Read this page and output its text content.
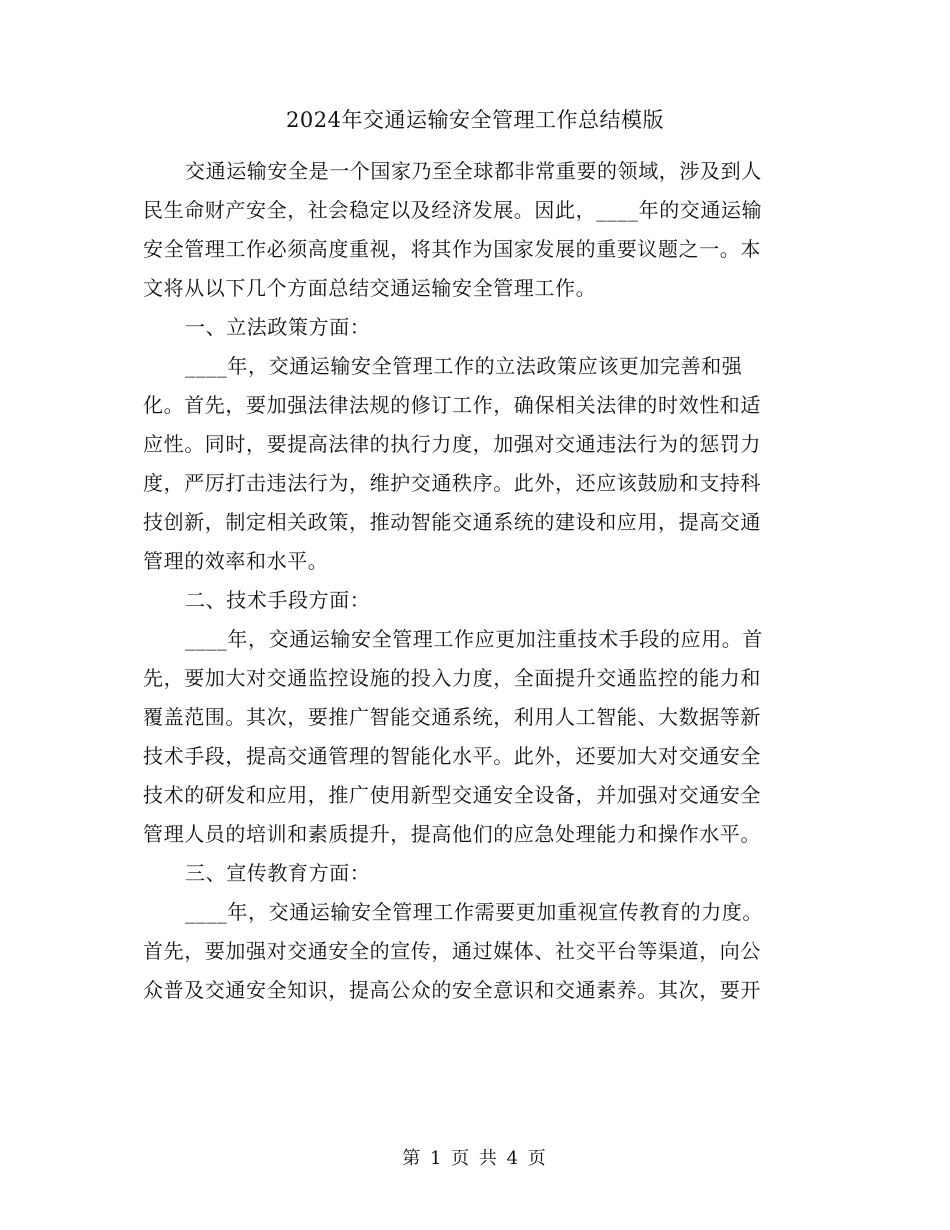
2024年交通运输安全管理工作总结模版
交通运输安全是一个国家乃至全球都非常重要的领域，涉及到人
民生命财产安全，社会稳定以及经济发展。因此，____年的交通运输
安全管理工作必须高度重视，将其作为国家发展的重要议题之一。本
文将从以下几个方面总结交通运输安全管理工作。
一、立法政策方面：
____年，交通运输安全管理工作的立法政策应该更加完善和强
化。首先，要加强法律法规的修订工作，确保相关法律的时效性和适
应性。同时，要提高法律的执行力度，加强对交通违法行为的惩罚力
度，严厉打击违法行为，维护交通秩序。此外，还应该鼓励和支持科
技创新，制定相关政策，推动智能交通系统的建设和应用，提高交通
管理的效率和水平。
二、技术手段方面：
____年，交通运输安全管理工作应更加注重技术手段的应用。首
先，要加大对交通监控设施的投入力度，全面提升交通监控的能力和
覆盖范围。其次，要推广智能交通系统，利用人工智能、大数据等新
技术手段，提高交通管理的智能化水平。此外，还要加大对交通安全
技术的研发和应用，推广使用新型交通安全设备，并加强对交通安全
管理人员的培训和素质提升，提高他们的应急处理能力和操作水平。
三、宣传教育方面：
____年，交通运输安全管理工作需要更加重视宣传教育的力度。
首先，要加强对交通安全的宣传，通过媒体、社交平台等渠道，向公
众普及交通安全知识，提高公众的安全意识和交通素养。其次，要开
第 1 页 共 4 页
